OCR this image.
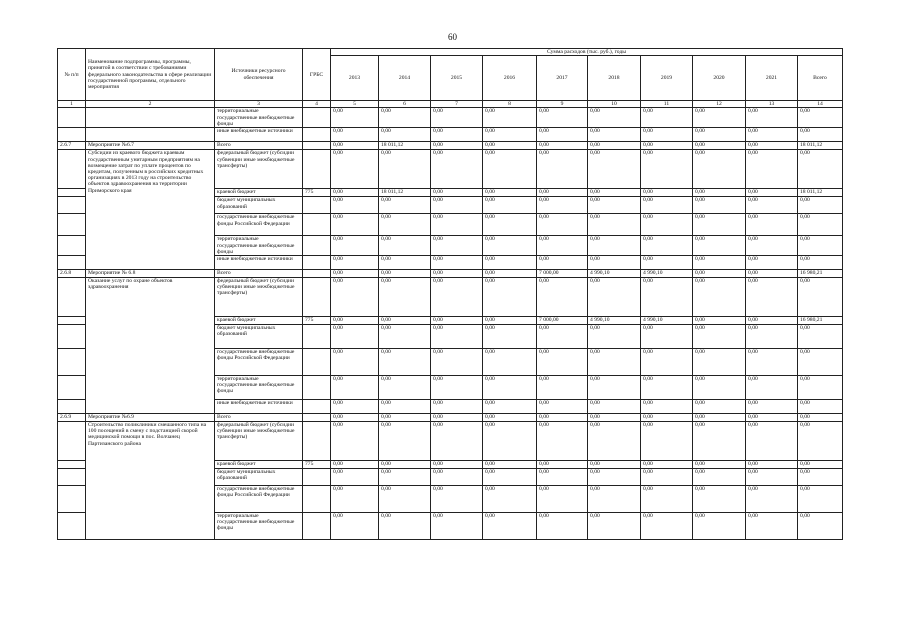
60
№ п/п	Наименование подпрограммы, программы, принятой в соответствии с требованиями федерального законодательства в сфере реализации государственной программы, отдельного мероприятия	Источники ресурсного обеспечения	ГРБС	Сумма расходов (тыс. руб.), годы									
				2013	2014	2015	2016	2017	2018	2019	2020	2021	Всего
1	2	3	4	5	6	7	8	9	10	11	12	13	14
		территориальные государственные внебюджетные фонды		0,00	0,00	0,00	0,00	0,00	0,00	0,00	0,00	0,00	0,00
		иные внебюджетные источники		0,00	0,00	0,00	0,00	0,00	0,00	0,00	0,00	0,00	0,00
2.6.7	Мероприятие №6.7	Всего		0,00	18 011,12	0,00	0,00	0,00	0,00	0,00	0,00	0,00	18 011,12
	Субсидии из краевого бюджета краевым государственным унитарным предприятиям на возмещение затрат по уплате процентов по кредитам, полученным в российских кредитных организациях в 2013 году на строительство объектов здравоохранения на территории Приморского края	федеральный бюджет (субсидии субвенции иные межбюджетные трансферты)		0,00	0,00	0,00	0,00	0,00	0,00	0,00	0,00	0,00	0,00
		краевой бюджет	775	0,00	18 011,12	0,00	0,00	0,00	0,00	0,00	0,00	0,00	18 011,12
		бюджет муниципальных образований		0,00	0,00	0,00	0,00	0,00	0,00	0,00	0,00	0,00	0,00
		государственные внебюджетные фонды Российской Федерации		0,00	0,00	0,00	0,00	0,00	0,00	0,00	0,00	0,00	0,00
		территориальные государственные внебюджетные фонды		0,00	0,00	0,00	0,00	0,00	0,00	0,00	0,00	0,00	0,00
		иные внебюджетные источники		0,00	0,00	0,00	0,00	0,00	0,00	0,00	0,00	0,00	0,00
2.6.8	Мероприятие № 6.8	Всего		0,00	0,00	0,00	0,00	7 000,00	4 990,10	4 990,10	0,00	0,00	16 980,21
	Оказание услуг по охране объектов здравоохранения	федеральный бюджет (субсидии субвенции иные межбюджетные трансферты)		0,00	0,00	0,00	0,00	0,00	0,00	0,00	0,00	0,00	0,00
		краевой бюджет	775	0,00	0,00	0,00	0,00	7 000,00	4 990,10	4 990,10	0,00	0,00	16 980,21
		бюджет муниципальных образований		0,00	0,00	0,00	0,00	0,00	0,00	0,00	0,00	0,00	0,00
		государственные внебюджетные фонды Российской Федерации		0,00	0,00	0,00	0,00	0,00	0,00	0,00	0,00	0,00	0,00
		территориальные государственные внебюджетные фонды		0,00	0,00	0,00	0,00	0,00	0,00	0,00	0,00	0,00	0,00
		иные внебюджетные источники		0,00	0,00	0,00	0,00	0,00	0,00	0,00	0,00	0,00	0,00
2.6.9	Мероприятие №6.9	Всего		0,00	0,00	0,00	0,00	0,00	0,00	0,00	0,00	0,00	0,00
	Строительство поликлиники смешанного типа на 100 посещений в смену с подстанцией скорой медицинской помощи в пос. Волчанец Партизанского района	федеральный бюджет (субсидии субвенции иные межбюджетные трансферты)		0,00	0,00	0,00	0,00	0,00	0,00	0,00	0,00	0,00	0,00
		краевой бюджет	775	0,00	0,00	0,00	0,00	0,00	0,00	0,00	0,00	0,00	0,00
		бюджет муниципальных образований		0,00	0,00	0,00	0,00	0,00	0,00	0,00	0,00	0,00	0,00
		государственные внебюджетные фонды Российской Федерации		0,00	0,00	0,00	0,00	0,00	0,00	0,00	0,00	0,00	0,00
		территориальные государственные внебюджетные фонды		0,00	0,00	0,00	0,00	0,00	0,00	0,00	0,00	0,00	0,00
